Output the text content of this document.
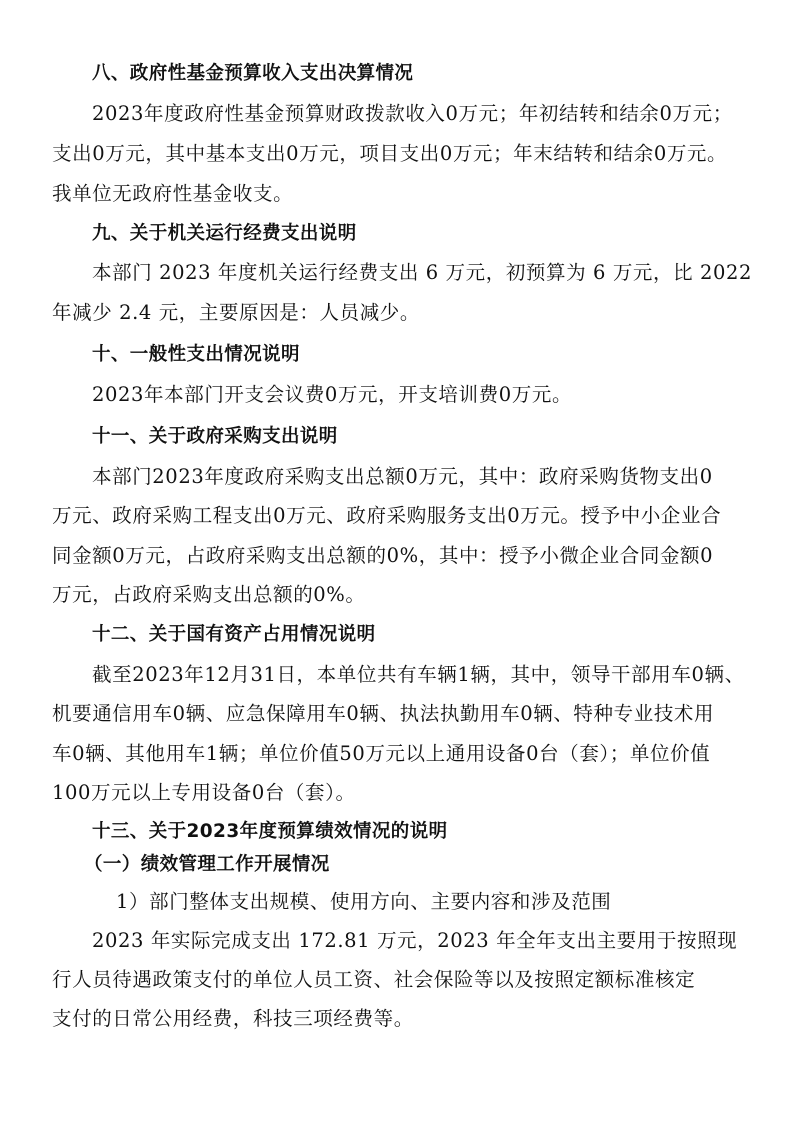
八、政府性基金预算收入支出决算情况
2023年度政府性基金预算财政拨款收入0万元；年初结转和结余0万元；
支出0万元，其中基本支出0万元，项目支出0万元；年末结转和结余0万元。
我单位无政府性基金收支。
九、关于机关运行经费支出说明
本部门 2023 年度机关运行经费支出 6 万元，初预算为 6 万元，比 2022
年减少 2.4 元，主要原因是：人员减少。
十、一般性支出情况说明
2023年本部门开支会议费0万元，开支培训费0万元。
十一、关于政府采购支出说明
本部门2023年度政府采购支出总额0万元，其中：政府采购货物支出0
万元、政府采购工程支出0万元、政府采购服务支出0万元。授予中小企业合
同金额0万元，占政府采购支出总额的0%，其中：授予小微企业合同金额0
万元，占政府采购支出总额的0%。
十二、关于国有资产占用情况说明
截至2023年12月31日，本单位共有车辆1辆，其中，领导干部用车0辆、
机要通信用车0辆、应急保障用车0辆、执法执勤用车0辆、特种专业技术用
车0辆、其他用车1辆；单位价值50万元以上通用设备0台（套）；单位价值
100万元以上专用设备0台（套）。
十三、关于2023年度预算绩效情况的说明
（一）绩效管理工作开展情况
1）部门整体支出规模、使用方向、主要内容和涉及范围
2023 年实际完成支出 172.81 万元，2023 年全年支出主要用于按照现
行人员待遇政策支付的单位人员工资、社会保险等以及按照定额标准核定
支付的日常公用经费，科技三项经费等。
